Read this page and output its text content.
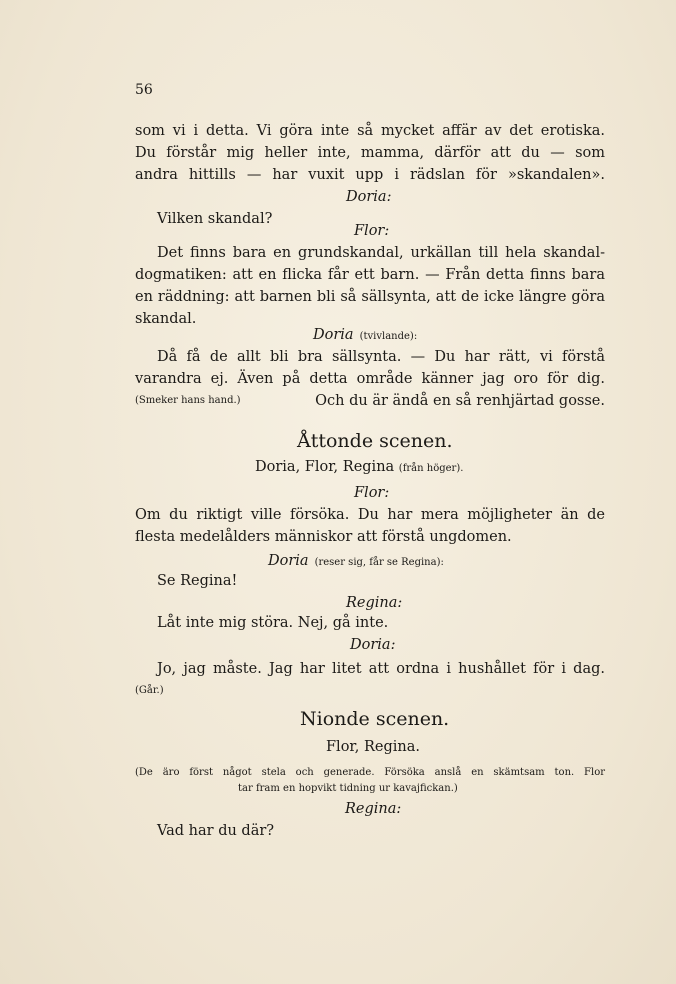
56
som vi i detta. Vi göra inte så mycket affär av det erotiska.
Du förstår mig heller inte, mamma, därför att du — som
andra hittills — har vuxit upp i rädslan för »skandalen».
Doria:
Vilken skandal?
Flor:
Det finns bara en grundskandal, urkällan till hela skandal-
dogmatiken: att en flicka får ett barn. — Från detta finns bara
en räddning: att barnen bli så sällsynta, att de icke längre göra
skandal.
Doria (tvivlande):
Då få de allt bli bra sällsynta. — Du har rätt, vi förstå
varandra ej. Även på detta område känner jag oro för dig.
(Smeker hans hand.)	Och du är ändå en så renhjärtad gosse.
Åttonde scenen.
Doria, Flor, Regina (från höger).
Flor:
Om du riktigt ville försöka. Du har mera möjligheter än de
flesta medelålders människor att förstå ungdomen.
Doria (reser sig, får se Regina):
Se Regina!
Regina:
Låt inte mig störa. Nej, gå inte.
Doria:
Jo, jag måste. Jag har litet att ordna i hushållet för i dag.
(Går.)
Nionde scenen.
Flor, Regina.
(De äro först något stela och generade. Försöka anslå en skämtsam ton. Flor
tar fram en hopvikt tidning ur kavajfickan.)
Regina:
Vad har du där?
